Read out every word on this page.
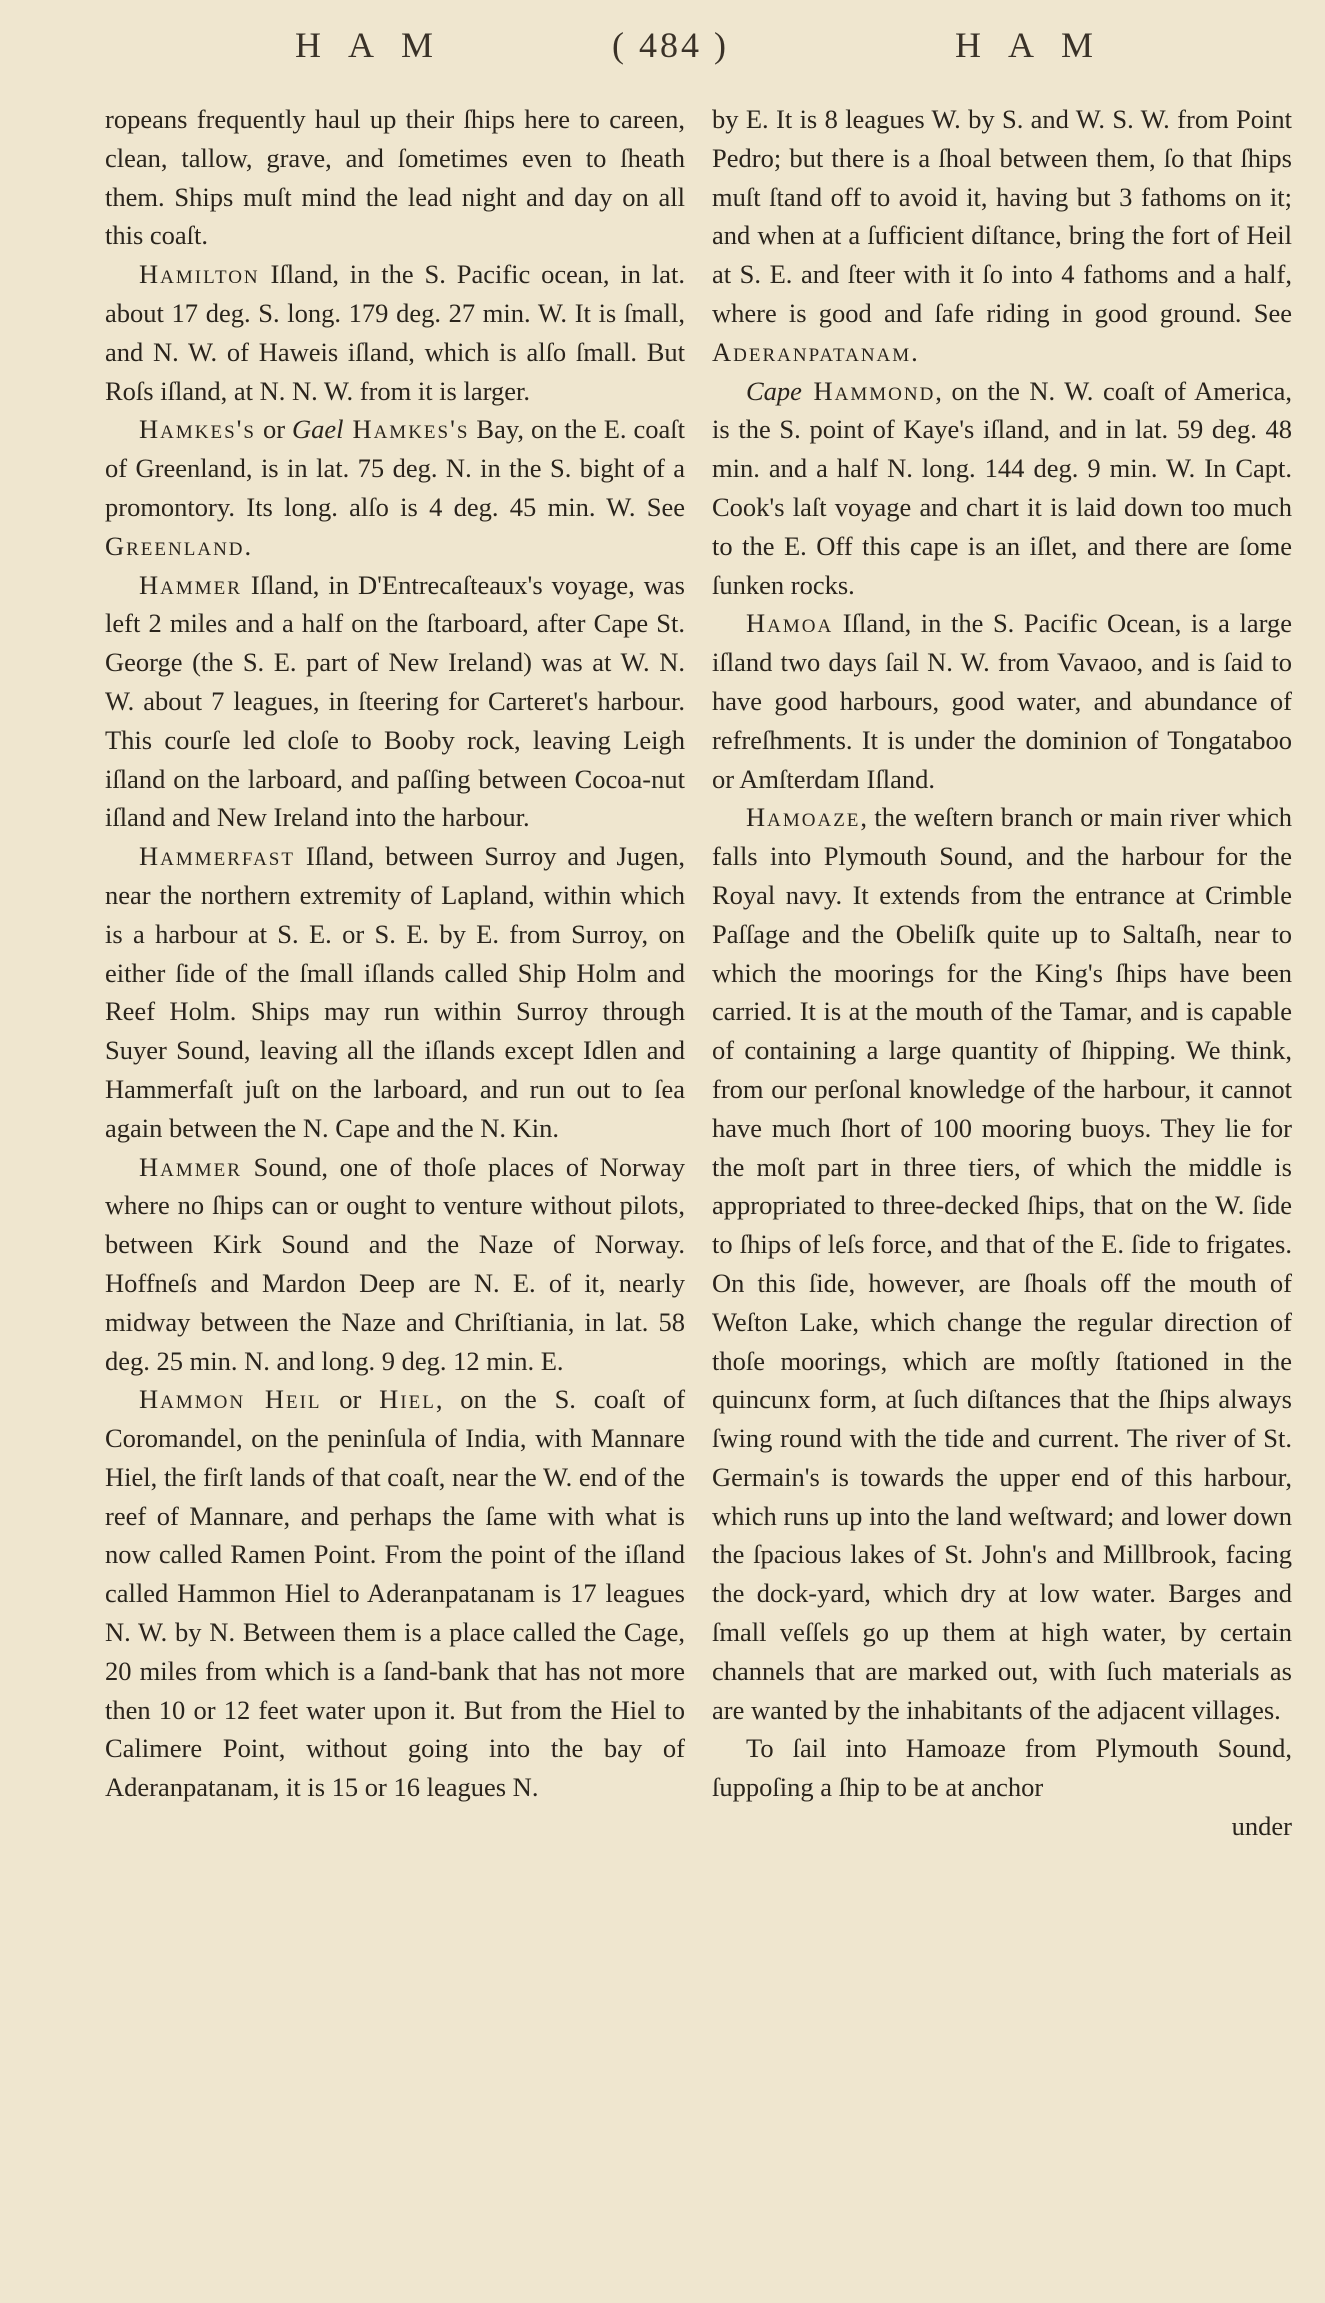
H A M	( 484 )	H A M

ropeans frequently haul up their ſhips here to careen, clean, tallow, grave, and ſometimes even to ſheath them. Ships muſt mind the lead night and day on all this coaſt.

Hamilton Iſland, in the S. Pacific ocean, in lat. about 17 deg. S. long. 179 deg. 27 min. W. It is ſmall, and N. W. of Haweis iſland, which is alſo ſmall. But Roſs iſland, at N. N. W. from it is larger.

Hamkes's or Gael Hamkes's Bay, on the E. coaſt of Greenland, is in lat. 75 deg. N. in the S. bight of a promontory. Its long. alſo is 4 deg. 45 min. W. See Greenland.

Hammer Iſland, in D'Entrecaſteaux's voyage, was left 2 miles and a half on the ſtarboard, after Cape St. George (the S. E. part of New Ireland) was at W. N. W. about 7 leagues, in ſteering for Carteret's harbour. This courſe led cloſe to Booby rock, leaving Leigh iſland on the larboard, and paſſing between Cocoa-nut iſland and New Ireland into the harbour.

Hammerfast Iſland, between Surroy and Jugen, near the northern extremity of Lapland, within which is a harbour at S. E. or S. E. by E. from Surroy, on either ſide of the ſmall iſlands called Ship Holm and Reef Holm. Ships may run within Surroy through Suyer Sound, leaving all the iſlands except Idlen and Hammerfaſt juſt on the larboard, and run out to ſea again between the N. Cape and the N. Kin.

Hammer Sound, one of thoſe places of Norway where no ſhips can or ought to venture without pilots, between Kirk Sound and the Naze of Norway. Hoffneſs and Mardon Deep are N. E. of it, nearly midway between the Naze and Chriſtiania, in lat. 58 deg. 25 min. N. and long. 9 deg. 12 min. E.

Hammon Heil or Hiel, on the S. coaſt of Coromandel, on the peninſula of India, with Mannare Hiel, the firſt lands of that coaſt, near the W. end of the reef of Mannare, and perhaps the ſame with what is now called Ramen Point. From the point of the iſland called Hammon Hiel to Aderanpatanam is 17 leagues N. W. by N. Between them is a place called the Cage, 20 miles from which is a ſand-bank that has not more then 10 or 12 feet water upon it. But from the Hiel to Calimere Point, without going into the bay of Aderanpatanam, it is 15 or 16 leagues N.

by E. It is 8 leagues W. by S. and W. S. W. from Point Pedro; but there is a ſhoal between them, ſo that ſhips muſt ſtand off to avoid it, having but 3 fathoms on it; and when at a ſufficient diſtance, bring the fort of Heil at S. E. and ſteer with it ſo into 4 fathoms and a half, where is good and ſafe riding in good ground. See Aderanpatanam.

Cape Hammond, on the N. W. coaſt of America, is the S. point of Kaye's iſland, and in lat. 59 deg. 48 min. and a half N. long. 144 deg. 9 min. W. In Capt. Cook's laſt voyage and chart it is laid down too much to the E. Off this cape is an iſlet, and there are ſome ſunken rocks.

Hamoa Iſland, in the S. Pacific Ocean, is a large iſland two days ſail N. W. from Vavaoo, and is ſaid to have good harbours, good water, and abundance of refreſhments. It is under the dominion of Tongataboo or Amſterdam Iſland.

Hamoaze, the weſtern branch or main river which falls into Plymouth Sound, and the harbour for the Royal navy. It extends from the entrance at Crimble Paſſage and the Obeliſk quite up to Saltaſh, near to which the moorings for the King's ſhips have been carried. It is at the mouth of the Tamar, and is capable of containing a large quantity of ſhipping. We think, from our perſonal knowledge of the harbour, it cannot have much ſhort of 100 mooring buoys. They lie for the moſt part in three tiers, of which the middle is appropriated to three-decked ſhips, that on the W. ſide to ſhips of leſs force, and that of the E. ſide to frigates. On this ſide, however, are ſhoals off the mouth of Weſton Lake, which change the regular direction of thoſe moorings, which are moſtly ſtationed in the quincunx form, at ſuch diſtances that the ſhips always ſwing round with the tide and current. The river of St. Germain's is towards the upper end of this harbour, which runs up into the land weſtward; and lower down the ſpacious lakes of St. John's and Millbrook, facing the dock-yard, which dry at low water. Barges and ſmall veſſels go up them at high water, by certain channels that are marked out, with ſuch materials as are wanted by the inhabitants of the adjacent villages.

To ſail into Hamoaze from Plymouth Sound, ſuppoſing a ſhip to be at anchor

under
